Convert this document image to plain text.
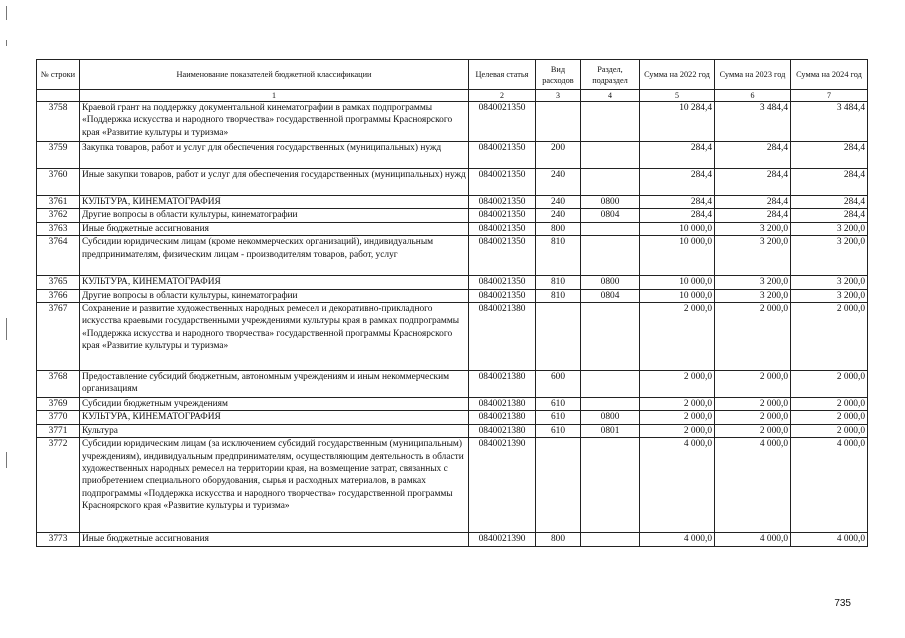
№ строки	Наименование показателей бюджетной классификации	Целевая статья	Вид расходов	Раздел, подраздел	Сумма на 2022 год	Сумма на 2023 год	Сумма на 2024 год
	1	2	3	4	5	6	7
3758	Краевой грант на поддержку документальной кинематографии в рамках подпрограммы «Поддержка искусства и народного творчества» государственной программы Красноярского края «Развитие культуры и туризма»	0840021350			10 284,4	3 484,4	3 484,4
3759	Закупка товаров, работ и услуг для обеспечения государственных (муниципальных) нужд	0840021350	200		284,4	284,4	284,4
3760	Иные закупки товаров, работ и услуг для обеспечения государственных (муниципальных) нужд	0840021350	240		284,4	284,4	284,4
3761	КУЛЬТУРА, КИНЕМАТОГРАФИЯ	0840021350	240	0800	284,4	284,4	284,4
3762	Другие вопросы в области культуры, кинематографии	0840021350	240	0804	284,4	284,4	284,4
3763	Иные бюджетные ассигнования	0840021350	800		10 000,0	3 200,0	3 200,0
3764	Субсидии юридическим лицам (кроме некоммерческих организаций), индивидуальным предпринимателям, физическим лицам - производителям товаров, работ, услуг	0840021350	810		10 000,0	3 200,0	3 200,0
3765	КУЛЬТУРА, КИНЕМАТОГРАФИЯ	0840021350	810	0800	10 000,0	3 200,0	3 200,0
3766	Другие вопросы в области культуры, кинематографии	0840021350	810	0804	10 000,0	3 200,0	3 200,0
3767	Сохранение и развитие художественных народных ремесел и декоративно-прикладного искусства краевыми государственными учреждениями культуры края в рамках подпрограммы «Поддержка искусства и народного творчества» государственной программы Красноярского края «Развитие культуры и туризма»	0840021380			2 000,0	2 000,0	2 000,0
3768	Предоставление субсидий бюджетным, автономным учреждениям и иным некоммерческим организациям	0840021380	600		2 000,0	2 000,0	2 000,0
3769	Субсидии бюджетным учреждениям	0840021380	610		2 000,0	2 000,0	2 000,0
3770	КУЛЬТУРА, КИНЕМАТОГРАФИЯ	0840021380	610	0800	2 000,0	2 000,0	2 000,0
3771	Культура	0840021380	610	0801	2 000,0	2 000,0	2 000,0
3772	Субсидии юридическим лицам (за исключением субсидий государственным (муниципальным) учреждениям), индивидуальным предпринимателям, осуществляющим деятельность в области художественных народных ремесел на территории края, на возмещение затрат, связанных с приобретением специального оборудования, сырья и расходных материалов, в рамках подпрограммы «Поддержка искусства и народного творчества» государственной программы Красноярского края «Развитие культуры и туризма»	0840021390			4 000,0	4 000,0	4 000,0
3773	Иные бюджетные ассигнования	0840021390	800		4 000,0	4 000,0	4 000,0
735
